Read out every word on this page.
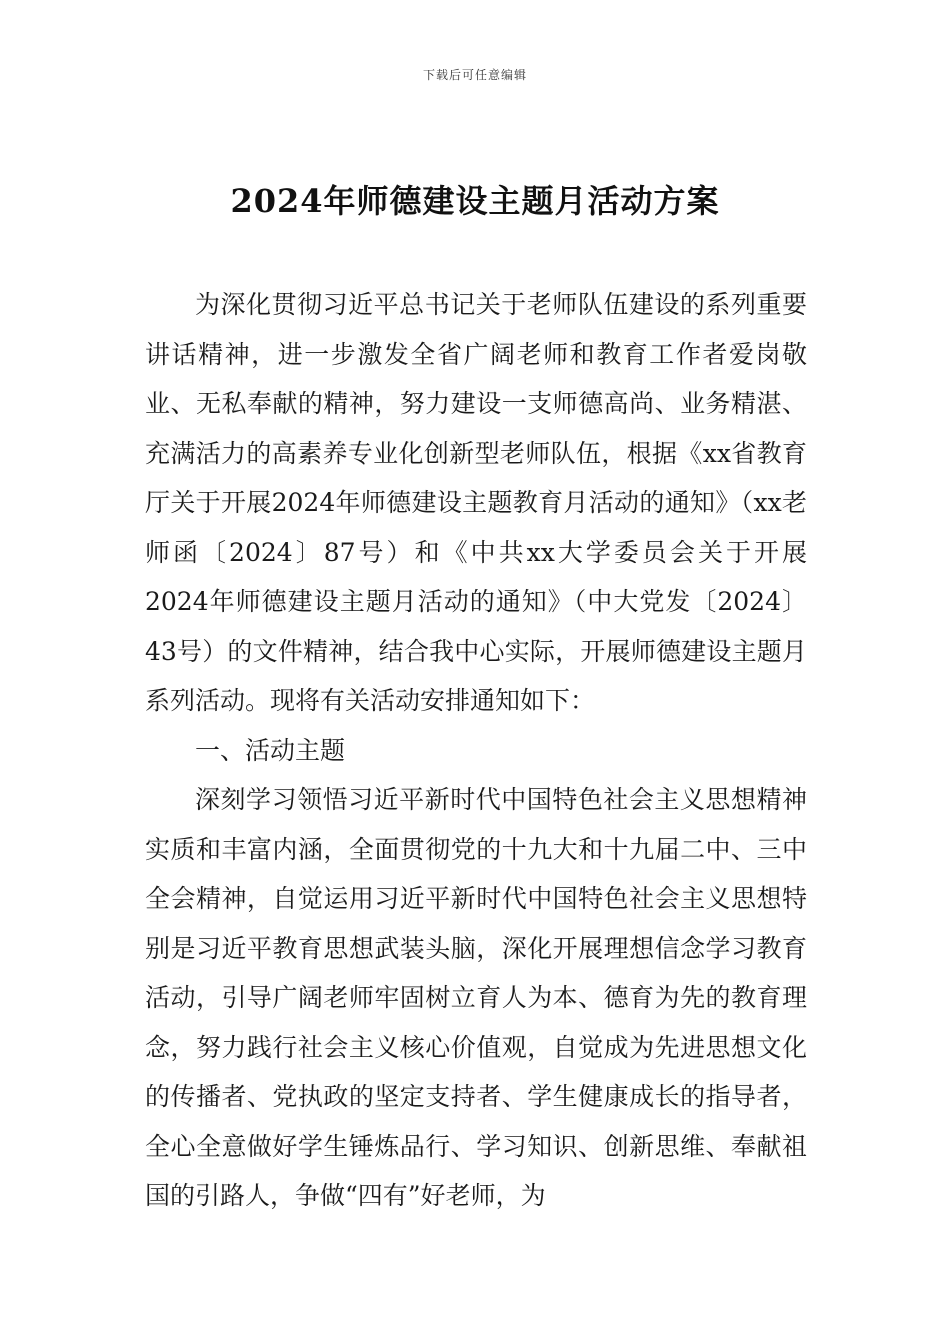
下载后可任意编辑
2024年师德建设主题月活动方案

为深化贯彻习近平总书记关于老师队伍建设的系列重要讲话精神，进一步激发全省广阔老师和教育工作者爱岗敬业、无私奉献的精神，努力建设一支师德高尚、业务精湛、充满活力的高素养专业化创新型老师队伍，根据《xx省教育厅关于开展2024年师德建设主题教育月活动的通知》（xx老师函〔2024〕87号）和《中共xx大学委员会关于开展2024年师德建设主题月活动的通知》（中大党发〔2024〕43号）的文件精神，结合我中心实际，开展师德建设主题月系列活动。现将有关活动安排通知如下：

一、活动主题

深刻学习领悟习近平新时代中国特色社会主义思想精神实质和丰富内涵，全面贯彻党的十九大和十九届二中、三中全会精神，自觉运用习近平新时代中国特色社会主义思想特别是习近平教育思想武装头脑，深化开展理想信念学习教育活动，引导广阔老师牢固树立育人为本、德育为先的教育理念，努力践行社会主义核心价值观，自觉成为先进思想文化的传播者、党执政的坚定支持者、学生健康成长的指导者，全心全意做好学生锤炼品行、学习知识、创新思维、奉献祖国的引路人，争做“四有”好老师，为
